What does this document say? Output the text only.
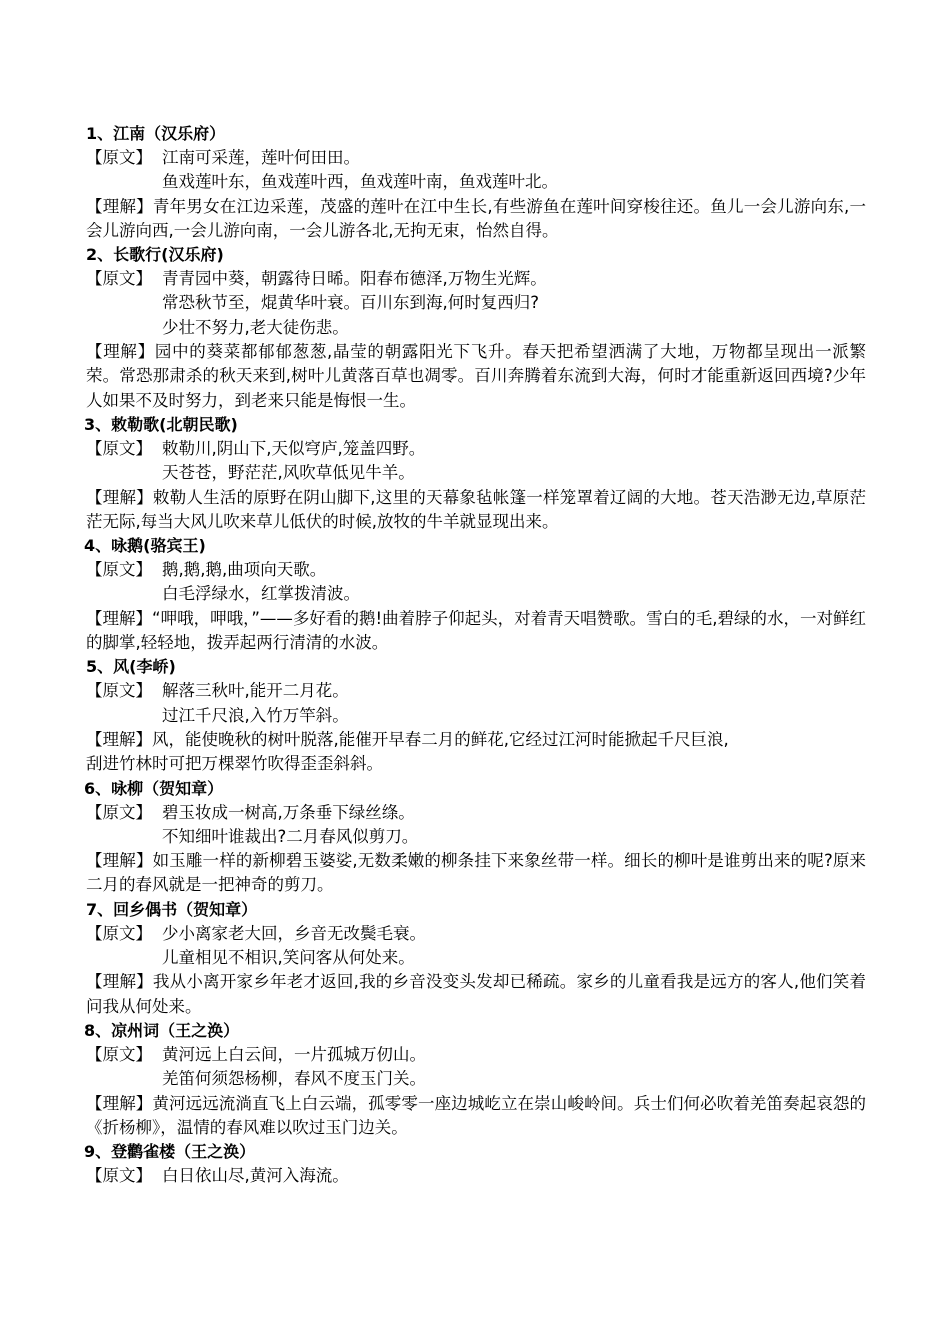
1、江南（汉乐府）
【原文】 江南可采莲，莲叶何田田。
鱼戏莲叶东，鱼戏莲叶西，鱼戏莲叶南，鱼戏莲叶北。
【理解】青年男女在江边采莲，茂盛的莲叶在江中生长,有些游鱼在莲叶间穿梭往还。鱼儿一会儿游向东,一会儿游向西,一会儿游向南，一会儿游各北,无拘无束，怡然自得。
2、长歌行(汉乐府)
【原文】 青青园中葵，朝露待日晞。阳春布德泽,万物生光辉。
常恐秋节至，焜黄华叶衰。百川东到海,何时复西归?
少壮不努力,老大徒伤悲。
【理解】园中的葵菜都郁郁葱葱,晶莹的朝露阳光下飞升。春天把希望洒满了大地，万物都呈现出一派繁荣。常恐那肃杀的秋天来到,树叶儿黄落百草也凋零。百川奔腾着东流到大海，何时才能重新返回西境?少年人如果不及时努力，到老来只能是悔恨一生。
3、敕勒歌(北朝民歌)
【原文】 敕勒川,阴山下,天似穹庐,笼盖四野。
天苍苍，野茫茫,风吹草低见牛羊。
【理解】敕勒人生活的原野在阴山脚下,这里的天幕象毡帐篷一样笼罩着辽阔的大地。苍天浩渺无边,草原茫茫无际,每当大风儿吹来草儿低伏的时候,放牧的牛羊就显现出来。
4、咏鹅(骆宾王)
【原文】 鹅,鹅,鹅,曲项向天歌。
白毛浮绿水，红掌拨清波。
【理解】“呷哦，呷哦，”——多好看的鹅!曲着脖子仰起头，对着青天唱赞歌。雪白的毛,碧绿的水，一对鲜红的脚掌,轻轻地，拨弄起两行清清的水波。
5、风(李峤)
【原文】 解落三秋叶,能开二月花。
过江千尺浪,入竹万竿斜。
【理解】风，能使晚秋的树叶脱落,能催开早春二月的鲜花,它经过江河时能掀起千尺巨浪,
刮进竹林时可把万棵翠竹吹得歪歪斜斜。
6、咏柳（贺知章）
【原文】 碧玉妆成一树高,万条垂下绿丝绦。
不知细叶谁裁出?二月春风似剪刀。
【理解】如玉雕一样的新柳碧玉婆娑,无数柔嫩的柳条挂下来象丝带一样。细长的柳叶是谁剪出来的呢?原来二月的春风就是一把神奇的剪刀。
7、回乡偶书（贺知章）
【原文】 少小离家老大回，乡音无改鬓毛衰。
儿童相见不相识,笑问客从何处来。
【理解】我从小离开家乡年老才返回,我的乡音没变头发却已稀疏。家乡的儿童看我是远方的客人,他们笑着问我从何处来。
8、凉州词（王之涣）
【原文】 黄河远上白云间，一片孤城万仞山。
羌笛何须怨杨柳，春风不度玉门关。
【理解】黄河远远流淌直飞上白云端，孤零零一座边城屹立在崇山峻岭间。兵士们何必吹着羌笛奏起哀怨的《折杨柳》，温情的春风难以吹过玉门边关。
9、登鹳雀楼（王之涣）
【原文】 白日依山尽,黄河入海流。
